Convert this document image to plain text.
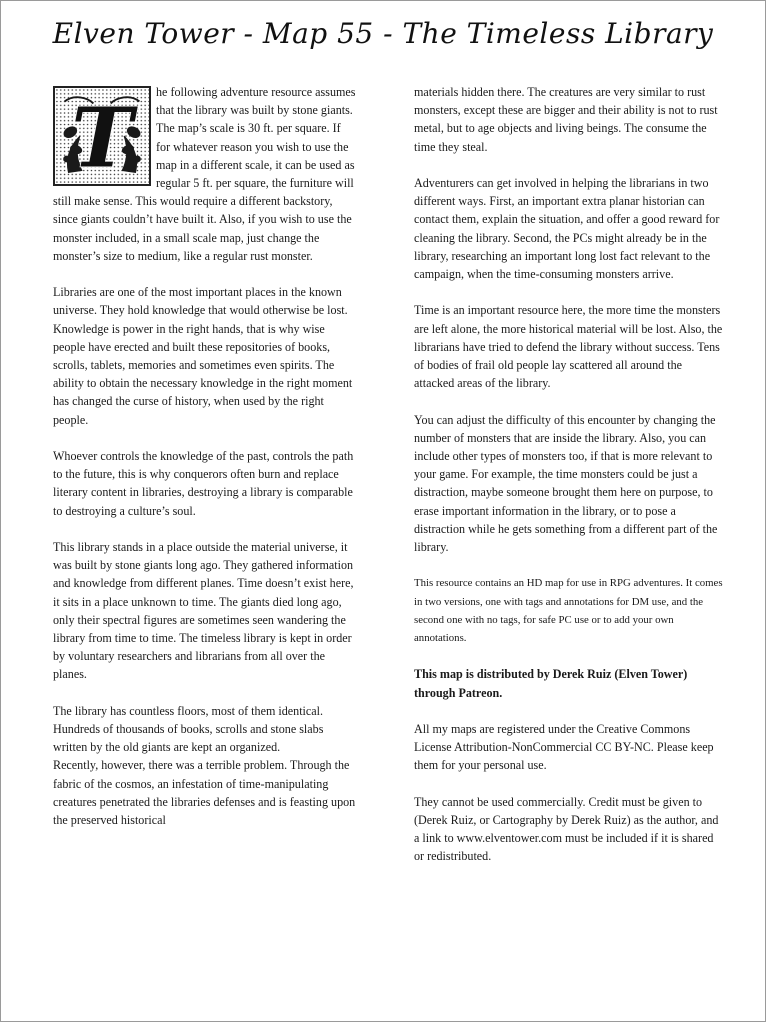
Elven Tower - Map 55 - The Timeless Library
T	he following adventure resource assumes that the library was built by stone giants. The map’s scale is 30 ft. per square. If for whatever reason you wish to use the map in a different scale, it can be used as regular 5 ft. per square, the furniture will still make sense. This would require a different backstory, since giants couldn’t have built it. Also, if you wish to use the monster included, in a small scale map, just change the monster’s size to medium, like a regular rust monster.

Libraries are one of the most important places in the known universe. They hold knowledge that would otherwise be lost. Knowledge is power in the right hands, that is why wise people have erected and built these repositories of books, scrolls, tablets, memories and sometimes even spirits. The ability to obtain the necessary knowledge in the right moment has changed the curse of history, when used by the right people.

Whoever controls the knowledge of the past, controls the path to the future, this is why conquerors often burn and replace literary content in libraries, destroying a library is comparable to destroying a culture’s soul.

This library stands in a place outside the material universe, it was built by stone giants long ago. They gathered information and knowledge from different planes. Time doesn’t exist here, it sits in a place unknown to time. The giants died long ago, only their spectral figures are sometimes seen wandering the library from time to time. The timeless library is kept in order by voluntary researchers and librarians from all over the planes.

The library has countless floors, most of them identical. Hundreds of thousands of books, scrolls and stone slabs written by the old giants are kept an organized.

Recently, however, there was a terrible problem. Through the fabric of the cosmos, an infestation of time-manipulating creatures penetrated the libraries defenses and is feasting upon the preserved historical

materials hidden there. The creatures are very similar to rust monsters, except these are bigger and their ability is not to rust metal, but to age objects and living beings. The consume the time they steal.

Adventurers can get involved in helping the librarians in two different ways. First, an important extra planar historian can contact them, explain the situation, and offer a good reward for cleaning the library. Second, the PCs might already be in the library, researching an important long lost fact relevant to the campaign, when the time-consuming monsters arrive.

Time is an important resource here, the more time the monsters are left alone, the more historical material will be lost. Also, the librarians have tried to defend the library without success. Tens of bodies of frail old people lay scattered all around the attacked areas of the library.

You can adjust the difficulty of this encounter by changing the number of monsters that are inside the library. Also, you can include other types of monsters too, if that is more relevant to your game. For example, the time monsters could be just a distraction, maybe someone brought them here on purpose, to erase important information in the library, or to pose a distraction while he gets something from a different part of the library.

This resource contains an HD map for use in RPG adventures. It comes in two versions, one with tags and annotations for DM use, and the second one with no tags, for safe PC use or to add your own annotations.

This map is distributed by Derek Ruiz (Elven Tower) through Patreon.

All my maps are registered under the Creative Commons License Attribution-NonCommercial CC BY-NC. Please keep them for your personal use.

They cannot be used commercially. Credit must be given to (Derek Ruiz, or Cartography by Derek Ruiz) as the author, and a link to www.elventower.com must be included if it is shared or redistributed.
